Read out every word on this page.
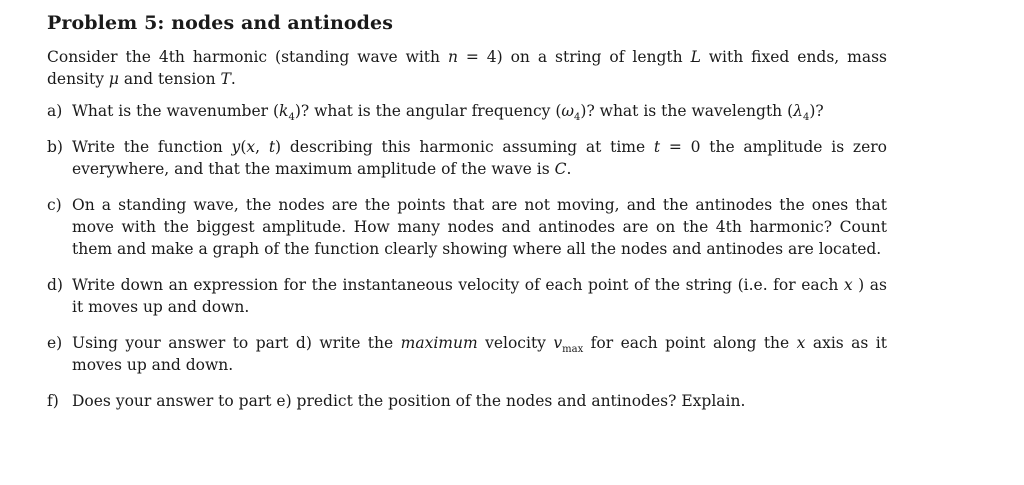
Problem 5: nodes and antinodes
Consider the 4th harmonic (standing wave with n = 4) on a string of length L with fixed ends, mass density μ and tension T.
a) What is the wavenumber $(k_4)$? what is the angular frequency $(\omega_4)$? what is the wavelength $(\lambda_4)$?
b) Write the function y(x, t) describing this harmonic assuming at time t = 0 the amplitude is zero everywhere, and that the maximum amplitude of the wave is C.
c) On a standing wave, the nodes are the points that are not moving, and the antinodes the ones that move with the biggest amplitude. How many nodes and antinodes are on the 4th harmonic? Count them and make a graph of the function clearly showing where all the nodes and antinodes are located.
d) Write down an expression for the instantaneous velocity of each point of the string (i.e. for each x ) as it moves up and down.
e) Using your answer to part d) write the maximum velocity $v_{max}$ for each point along the x axis as it moves up and down.
f) Does your answer to part e) predict the position of the nodes and antinodes? Explain.
